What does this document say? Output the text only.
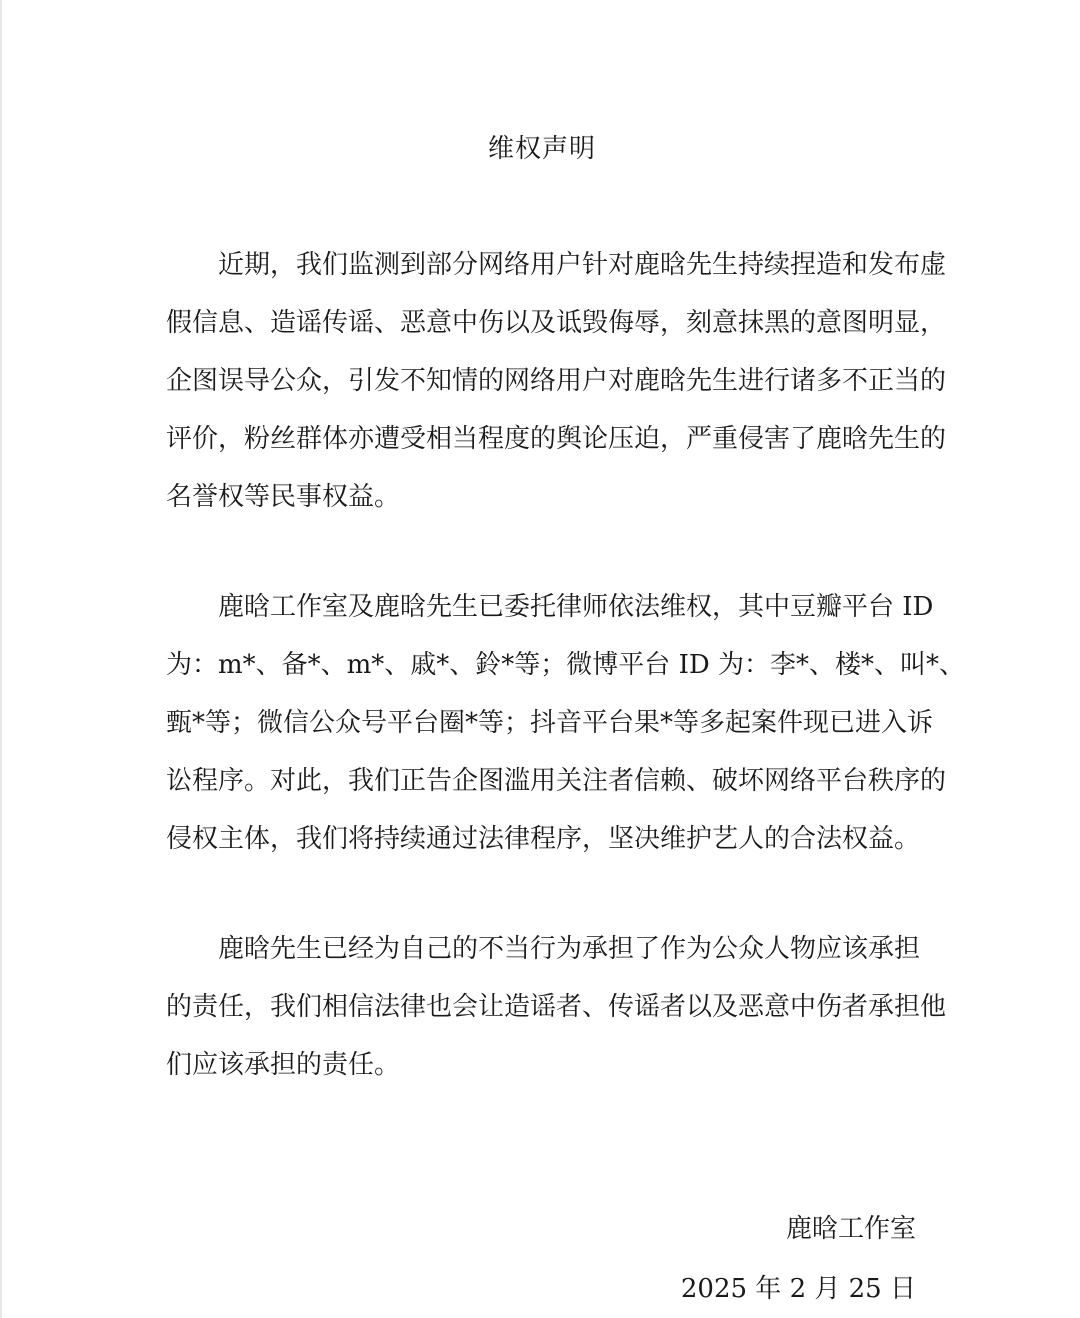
维权声明
近期，我们监测到部分网络用户针对鹿晗先生持续捏造和发布虚
假信息、造谣传谣、恶意中伤以及诋毁侮辱，刻意抹黑的意图明显，
企图误导公众，引发不知情的网络用户对鹿晗先生进行诸多不正当的
评价，粉丝群体亦遭受相当程度的舆论压迫，严重侵害了鹿晗先生的
名誉权等民事权益。
鹿晗工作室及鹿晗先生已委托律师依法维权，其中豆瓣平台 ID
为：m*、备*、m*、戚*、鈴*等；微博平台 ID 为：李*、楼*、叫*、
甄*等；微信公众号平台圈*等；抖音平台果*等多起案件现已进入诉
讼程序。对此，我们正告企图滥用关注者信赖、破坏网络平台秩序的
侵权主体，我们将持续通过法律程序，坚决维护艺人的合法权益。
鹿晗先生已经为自己的不当行为承担了作为公众人物应该承担
的责任，我们相信法律也会让造谣者、传谣者以及恶意中伤者承担他
们应该承担的责任。
鹿晗工作室
2025 年 2 月 25 日
